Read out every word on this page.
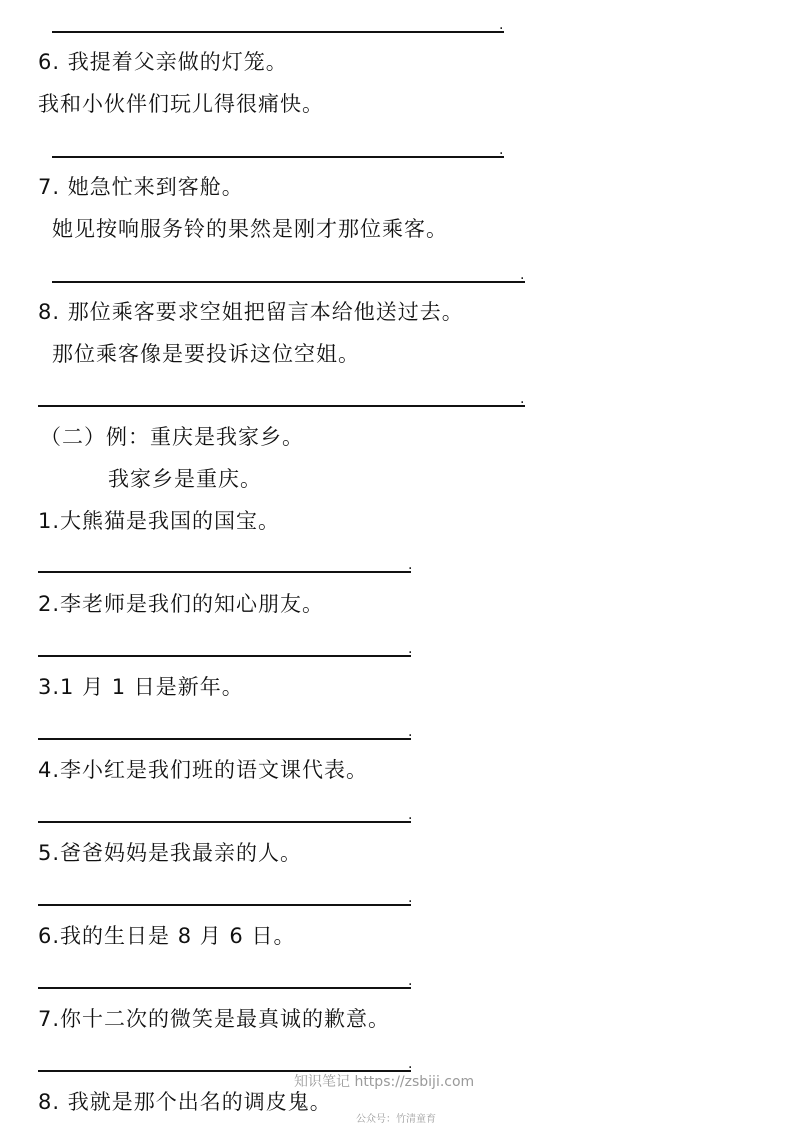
.
6. 我提着父亲做的灯笼。
我和小伙伴们玩儿得很痛快。
.
7. 她急忙来到客舱。
她见按响服务铃的果然是刚才那位乘客。
.
8. 那位乘客要求空姐把留言本给他送过去。
那位乘客像是要投诉这位空姐。
.
（二）例：重庆是我家乡。
我家乡是重庆。
1.大熊猫是我国的国宝。
.
2.李老师是我们的知心朋友。
.
3.1 月 1 日是新年。
.
4.李小红是我们班的语文课代表。
.
5.爸爸妈妈是我最亲的人。
.
6.我的生日是 8 月 6 日。
.
7.你十二次的微笑是最真诚的歉意。
.
8. 我就是那个出名的调皮鬼。
知识笔记 https://zsbiji.com
公众号：竹清童育
